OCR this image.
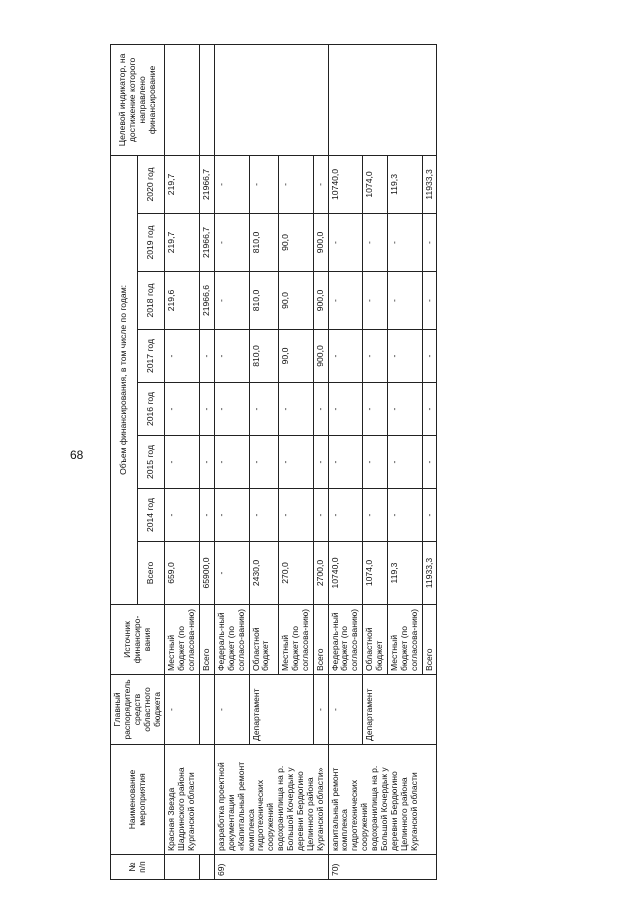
68
№ п/п	Наименование мероприятия	Главный распорядитель средств областного бюджета	Источник финансиро-вания	Объем финансирования, в том числе по годам:								Целевой индикатор, на достижение которого направлено финансирование
				Всего	2014 год	2015 год	2016 год	2017 год	2018 год	2019 год	2020 год	
	Красная Звезда Шадринского района Курганской области	-	Местный бюджет (по согласова-нию)	659,0	-	-	-	-	219,6	219,7	219,7	
			Всего	65900,0	-	-	-	-	21966,6	21966,7	21966,7	
69)	разработка проектной документации «Капитальный ремонт комплекса гидротехнических сооружений водохранилища на р. Большой Кочердык у деревни Бердюгино Целинного района Курганской области»	-	Федераль-ный бюджет (по согласо-ванию)	-	-	-	-	-	-	-	-	
		Департамент	Областной бюджет	2430,0	-	-	-	810,0	810,0	810,0	-	
			Местный бюджет (по согласова-нию)	270,0	-	-	-	90,0	90,0	90,0	-	
		-	Всего	2700,0	-	-	-	900,0	900,0	900,0	-	
70)	капитальный ремонт комплекса гидротехнических сооружений водохранилища на р. Большой Кочердык у деревни Бердюгино Целинного района Курганской области	-	Федераль-ный бюджет (по согласо-ванию)	10740,0	-	-	-	-	-	-	10740,0	
		Департамент	Областной бюджет	1074,0	-	-	-	-	-	-	1074,0	
			Местный бюджет (по согласова-нию)	119,3	-	-	-	-	-	-	119,3	
			Всего	11933,3	-	-	-	-	-	-	11933,3	
